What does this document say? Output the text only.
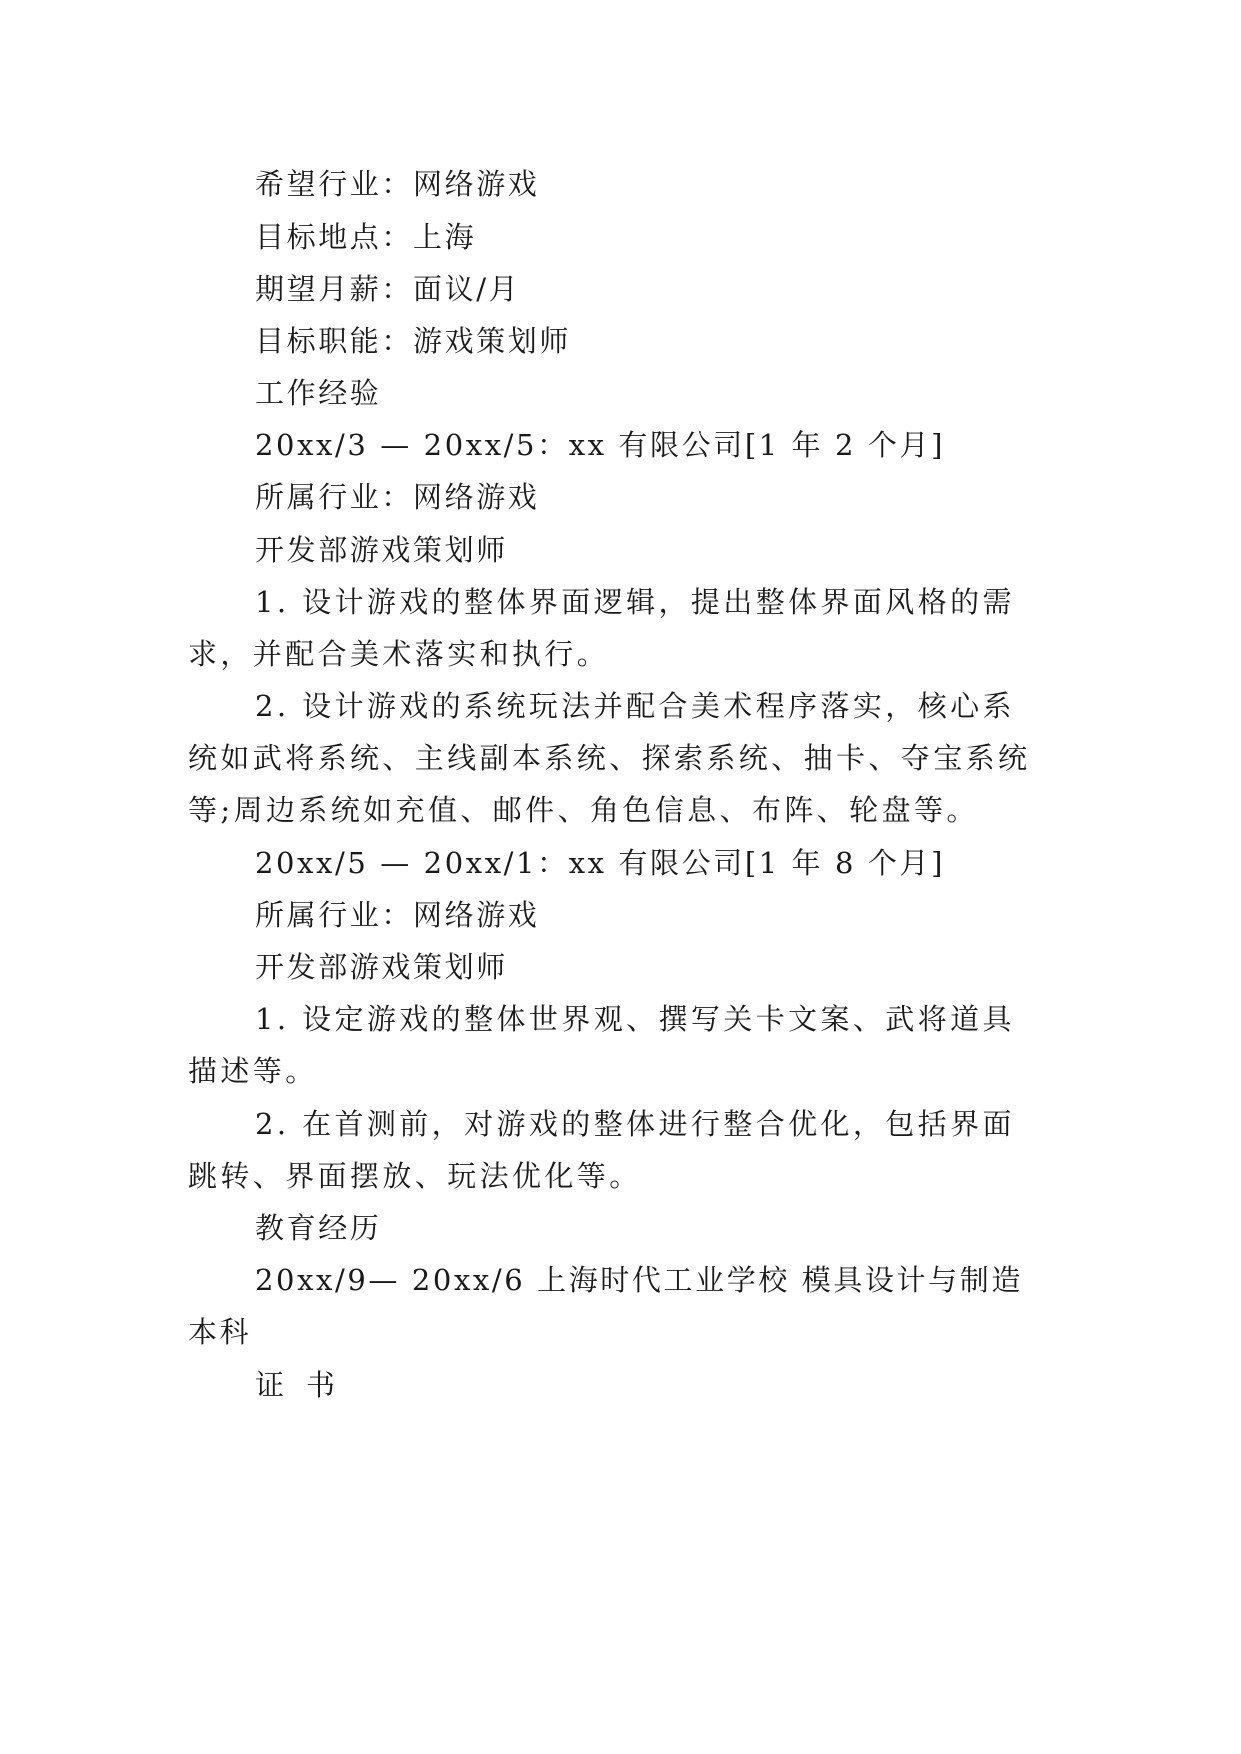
希望行业：网络游戏

目标地点：上海

期望月薪：面议/月

目标职能：游戏策划师

工作经验

20xx/3 — 20xx/5：xx 有限公司[1 年 2 个月]

所属行业：网络游戏

开发部游戏策划师

1. 设计游戏的整体界面逻辑，提出整体界面风格的需

求，并配合美术落实和执行。

2. 设计游戏的系统玩法并配合美术程序落实，核心系

统如武将系统、主线副本系统、探索系统、抽卡、夺宝系统

等;周边系统如充值、邮件、角色信息、布阵、轮盘等。

20xx/5 — 20xx/1：xx 有限公司[1 年 8 个月]

所属行业：网络游戏

开发部游戏策划师

1. 设定游戏的整体世界观、撰写关卡文案、武将道具

描述等。

2. 在首测前，对游戏的整体进行整合优化，包括界面

跳转、界面摆放、玩法优化等。

教育经历

20xx/9— 20xx/6 上海时代工业学校 模具设计与制造

本科

证书
